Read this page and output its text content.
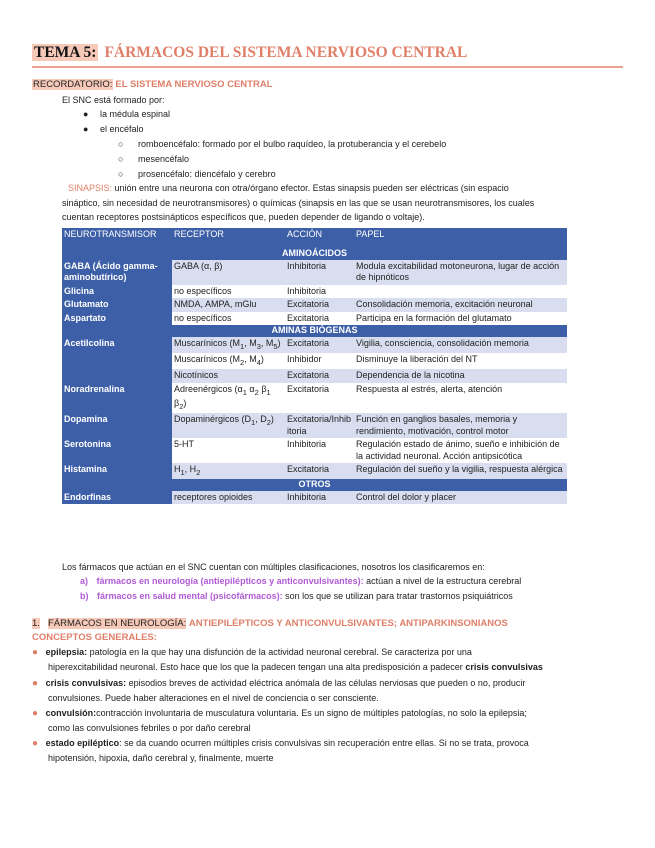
TEMA 5: FÁRMACOS DEL SISTEMA NERVIOSO CENTRAL
RECORDATORIO: EL SISTEMA NERVIOSO CENTRAL
El SNC está formado por:
● la médula espinal
● el encéfalo
○ romboencéfalo: formado por el bulbo raquídeo, la protuberancia y el cerebelo
○ mesencéfalo
○ prosencéfalo: diencéfalo y cerebro
SINAPSIS: unión entre una neurona con otra/órgano efector. Estas sinapsis pueden ser eléctricas (sin espacio
sináptico, sin necesidad de neurotransmisores) o químicas (sinapsis en las que se usan neurotransmisores, los cuales
cuentan receptores postsinápticos específicos que, pueden depender de ligando o voltaje).
NEUROTRANSMISOR	RECEPTOR	ACCIÓN	PAPEL
AMINOÁCIDOS			
GABA (Ácido gamma-aminobutírico)	GABA (α, β)	Inhibitoria	Modula excitabilidad motoneurona, lugar de acción de hipnóticos
Glicina	no específicos	Inhibitoria	
Glutamato	NMDA, AMPA, mGlu	Excitatoria	Consolidación memoria, excitación neuronal
Aspartato	no específicos	Excitatoria	Participa en la formación del glutamato
AMINAS BIÓGENAS			
Acetilcolina	Muscarínicos ($M_1$, $M_3$, $M_5$)	Excitatoria	Vigilia, consciencia, consolidación memoria
	Muscarínicos ($M_2$, $M_4$)	Inhibidor	Disminuye la liberación del NT
	Nicotínicos	Excitatoria	Dependencia de la nicotina
Noradrenalina	Adreenérgicos ($\alpha_1$ $\alpha_2$ $\beta_1$ $\beta_2$)	Excitatoria	Respuesta al estrés, alerta, atención
Dopamina	Dopaminérgicos ($D_1$, $D_2$)	Excitatoria/Inhibitoria	Función en ganglios basales, memoria y rendimiento, motivación, control motor
Serotonina	5-HT	Inhibitoria	Regulación estado de ánimo, sueño e inhibición de la actividad neuronal. Acción antipsicótica
Histamina	$H_1$, $H_2$	Excitatoria	Regulación del sueño y la vigilia, respuesta alérgica
OTROS			
Endorfinas	receptores opioides	Inhibitoria	Control del dolor y placer
Los fármacos que actúan en el SNC cuentan con múltiples clasificaciones, nosotros los clasificaremos en:
a) fármacos en neurología (antiepilépticos y anticonvulsivantes): actúan a nivel de la estructura cerebral
b) fármacos en salud mental (psicofármacos): son los que se utilizan para tratar trastornos psiquiátricos
1. FÁRMACOS EN NEUROLOGÍA: ANTIEPILÉPTICOS Y ANTICONVULSIVANTES; ANTIPARKINSONIANOS
CONCEPTOS GENERALES:
● epilepsia: patología en la que hay una disfunción de la actividad neuronal cerebral. Se caracteriza por una
hiperexcitabilidad neuronal. Esto hace que los que la padecen tengan una alta predisposición a padecer crisis convulsivas
● crisis convulsivas: episodios breves de actividad eléctrica anómala de las células nerviosas que pueden o no, producir
convulsiones. Puede haber alteraciones en el nivel de conciencia o ser consciente.
● convulsión:contracción involuntaria de musculatura voluntaria. Es un signo de múltiples patologías, no solo la epilepsia;
como las convulsiones febriles o por daño cerebral
● estado epiléptico: se da cuando ocurren múltiples crisis convulsivas sin recuperación entre ellas. Si no se trata, provoca
hipotensión, hipoxia, daño cerebral y, finalmente, muerte
